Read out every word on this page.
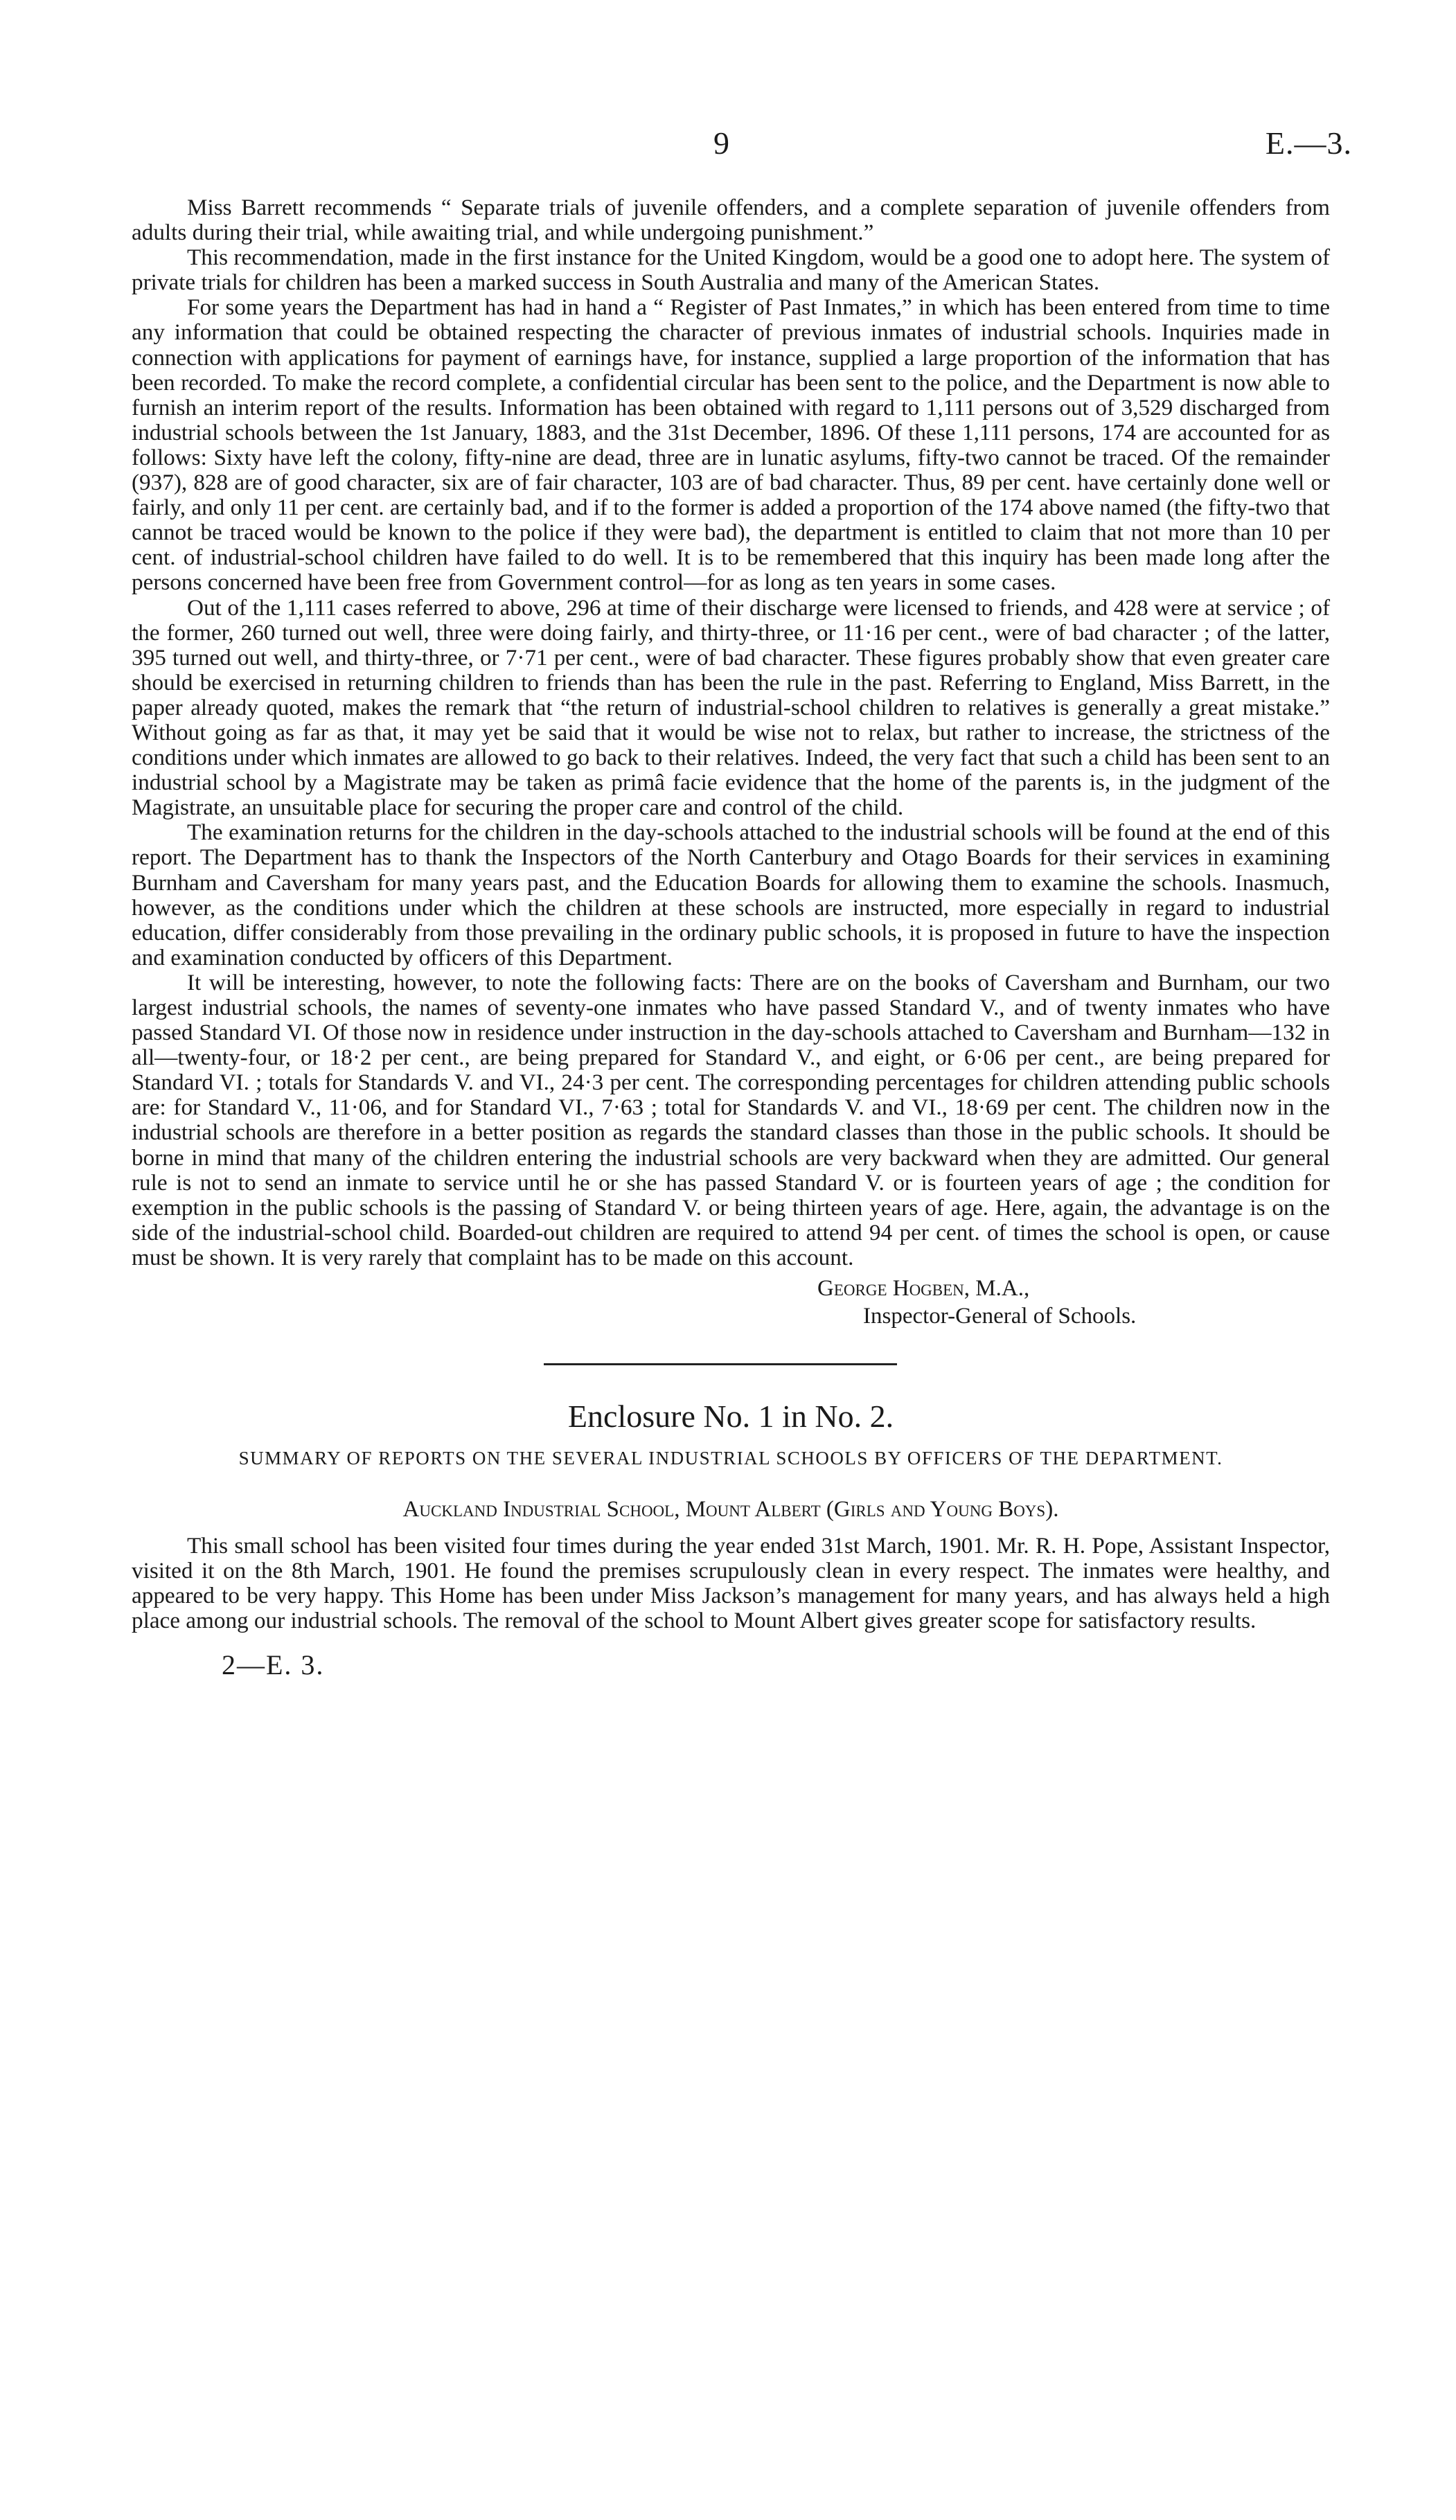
9	E.—3.

Miss Barrett recommends “ Separate trials of juvenile offenders, and a complete separation of juvenile offenders from adults during their trial, while awaiting trial, and while undergoing punishment.”

This recommendation, made in the first instance for the United Kingdom, would be a good one to adopt here. The system of private trials for children has been a marked success in South Australia and many of the American States.

For some years the Department has had in hand a “ Register of Past Inmates,” in which has been entered from time to time any information that could be obtained respecting the character of previous inmates of industrial schools. Inquiries made in connection with applications for payment of earnings have, for instance, supplied a large proportion of the information that has been recorded. To make the record complete, a confidential circular has been sent to the police, and the Department is now able to furnish an interim report of the results. Information has been obtained with regard to 1,111 persons out of 3,529 discharged from industrial schools between the 1st January, 1883, and the 31st December, 1896. Of these 1,111 persons, 174 are accounted for as follows: Sixty have left the colony, fifty-nine are dead, three are in lunatic asylums, fifty-two cannot be traced. Of the remainder (937), 828 are of good character, six are of fair character, 103 are of bad character. Thus, 89 per cent. have certainly done well or fairly, and only 11 per cent. are certainly bad, and if to the former is added a proportion of the 174 above named (the fifty-two that cannot be traced would be known to the police if they were bad), the department is entitled to claim that not more than 10 per cent. of industrial-school children have failed to do well. It is to be remembered that this inquiry has been made long after the persons concerned have been free from Government control—for as long as ten years in some cases.

Out of the 1,111 cases referred to above, 296 at time of their discharge were licensed to friends, and 428 were at service ; of the former, 260 turned out well, three were doing fairly, and thirty-three, or 11·16 per cent., were of bad character ; of the latter, 395 turned out well, and thirty-three, or 7·71 per cent., were of bad character. These figures probably show that even greater care should be exercised in returning children to friends than has been the rule in the past. Referring to England, Miss Barrett, in the paper already quoted, makes the remark that “the return of industrial-school children to relatives is generally a great mistake.” Without going as far as that, it may yet be said that it would be wise not to relax, but rather to increase, the strictness of the conditions under which inmates are allowed to go back to their relatives. Indeed, the very fact that such a child has been sent to an industrial school by a Magistrate may be taken as primâ facie evidence that the home of the parents is, in the judgment of the Magistrate, an unsuitable place for securing the proper care and control of the child.

The examination returns for the children in the day-schools attached to the industrial schools will be found at the end of this report. The Department has to thank the Inspectors of the North Canterbury and Otago Boards for their services in examining Burnham and Caversham for many years past, and the Education Boards for allowing them to examine the schools. Inasmuch, however, as the conditions under which the children at these schools are instructed, more especially in regard to industrial education, differ considerably from those prevailing in the ordinary public schools, it is proposed in future to have the inspection and examination conducted by officers of this Department.

It will be interesting, however, to note the following facts: There are on the books of Caversham and Burnham, our two largest industrial schools, the names of seventy-one inmates who have passed Standard V., and of twenty inmates who have passed Standard VI. Of those now in residence under instruction in the day-schools attached to Caversham and Burnham—132 in all—twenty-four, or 18·2 per cent., are being prepared for Standard V., and eight, or 6·06 per cent., are being prepared for Standard VI. ; totals for Standards V. and VI., 24·3 per cent. The corresponding percentages for children attending public schools are: for Standard V., 11·06, and for Standard VI., 7·63 ; total for Standards V. and VI., 18·69 per cent. The children now in the industrial schools are therefore in a better position as regards the standard classes than those in the public schools. It should be borne in mind that many of the children entering the industrial schools are very backward when they are admitted. Our general rule is not to send an inmate to service until he or she has passed Standard V. or is fourteen years of age ; the condition for exemption in the public schools is the passing of Standard V. or being thirteen years of age. Here, again, the advantage is on the side of the industrial-school child. Boarded-out children are required to attend 94 per cent. of times the school is open, or cause must be shown. It is very rarely that complaint has to be made on this account.

George Hogben, M.A.,
Inspector-General of Schools.
Enclosure No. 1 in No. 2.
SUMMARY OF REPORTS ON THE SEVERAL INDUSTRIAL SCHOOLS BY OFFICERS OF THE DEPARTMENT.
Auckland Industrial School, Mount Albert (Girls and Young Boys).

This small school has been visited four times during the year ended 31st March, 1901. Mr. R. H. Pope, Assistant Inspector, visited it on the 8th March, 1901. He found the premises scrupulously clean in every respect. The inmates were healthy, and appeared to be very happy. This Home has been under Miss Jackson’s management for many years, and has always held a high place among our industrial schools. The removal of the school to Mount Albert gives greater scope for satisfactory results.

2—E. 3.
